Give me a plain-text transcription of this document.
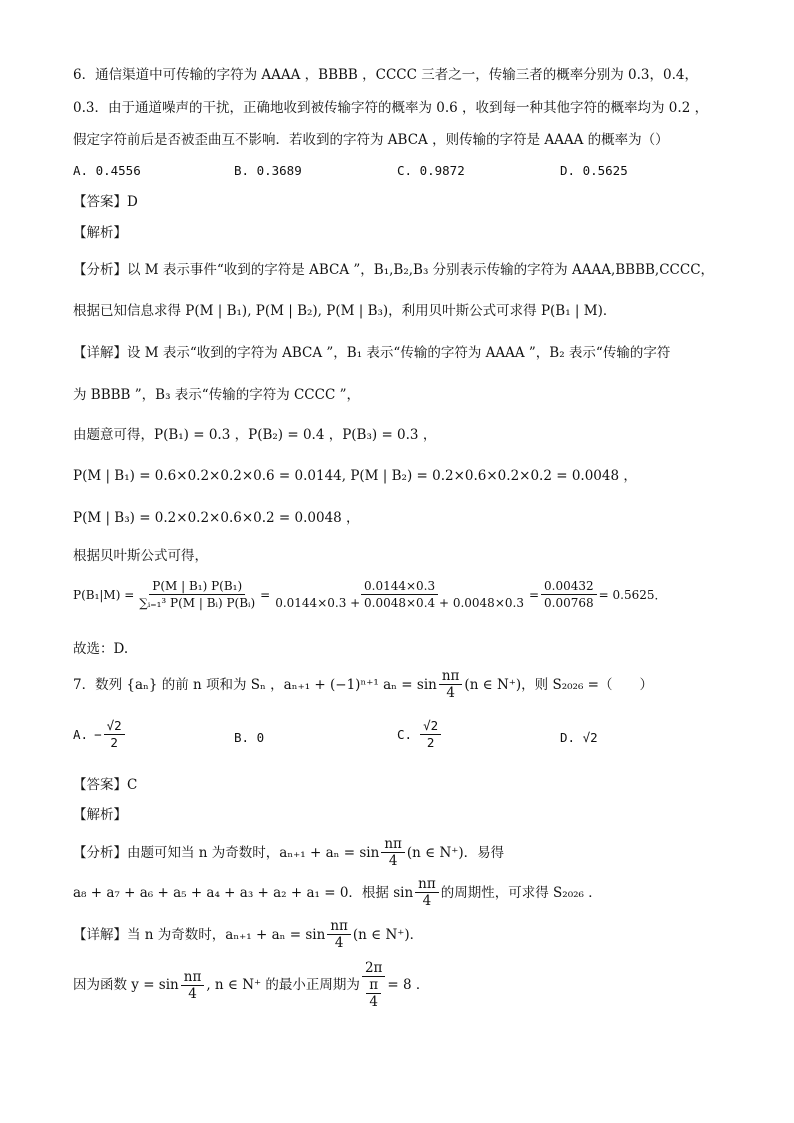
6．通信渠道中可传输的字符为 AAAA ，BBBB ，CCCC 三者之一，传输三者的概率分别为 0.3，0.4，
0.3．由于通道噪声的干扰，正确地收到被传输字符的概率为 0.6 ，收到每一种其他字符的概率均为 0.2 ，
假定字符前后是否被歪曲互不影响．若收到的字符为 ABCA ，则传输的字符是 AAAA 的概率为（）
A. 0.4556	B. 0.3689	C. 0.9872	D. 0.5625
【答案】D
【解析】
【分析】以 M 表示事件“收到的字符是 ABCA ”，B₁,B₂,B₃ 分别表示传输的字符为 AAAA,BBBB,CCCC，
根据已知信息求得 P(M | B₁), P(M | B₂), P(M | B₃)，利用贝叶斯公式可求得 P(B₁ | M)．
【详解】设 M 表示“收到的字符为 ABCA ”，B₁ 表示“传输的字符为 AAAA ”，B₂ 表示“传输的字符
为 BBBB ”，B₃ 表示“传输的字符为 CCCC ”，
由题意可得，P(B₁) = 0.3 ，P(B₂) = 0.4 ，P(B₃) = 0.3 ，
P(M | B₁) = 0.6×0.2×0.2×0.6 = 0.0144, P(M | B₂) = 0.2×0.6×0.2×0.2 = 0.0048 ，
P(M | B₃) = 0.2×0.2×0.6×0.2 = 0.0048 ，
根据贝叶斯公式可得，
$P(B_1|M) = \frac{\text{P(M | B₁) P(B₁)}}{\text{∑ᵢ₌₁³ P(M | Bᵢ) P(Bᵢ)}} = \frac{0.0144\times 0.3}{0.0144\times 0.3 + 0.0048\times 0.4 + 0.0048\times 0.3} = \frac{0.00432}{0.00768} = 0.5625$．
故选：D.
7．数列 {aₙ} 的前 n 项和为 Sₙ ，aₙ₊₁ + (−1)ⁿ⁺¹ $a_n = \sin \frac{n\pi}{4} (n$ ∈ N⁺)，则 S₂₀₂₆ =（　　）
A. − $\frac{√2}{2}$	B. 0	C. $\frac{√2}{2}$	D. √2
【答案】C
【解析】
【分析】由题可知当 n 为奇数时，$a_{n+1} + a_n = \sin \frac{n\pi}{4} (n$ ∈ N⁺)．易得
a₈ + a₇ + a₆ + a₅ + a₄ + a₃ + a₂ + a₁ = 0．根据 $\sin \frac{n\pi}{4}$ 的周期性，可求得 S₂₀₂₆ ．
【详解】当 n 为奇数时，$a_{n+1} + a_n = \sin \frac{n\pi}{4} (n$ ∈ N⁺)．
因为函数 $y = \sin \frac{n\pi}{4}$ , n ∈ N⁺ 的最小正周期为 $\frac{2\pi}{\frac{\pi}{4}} = 8$ ．
